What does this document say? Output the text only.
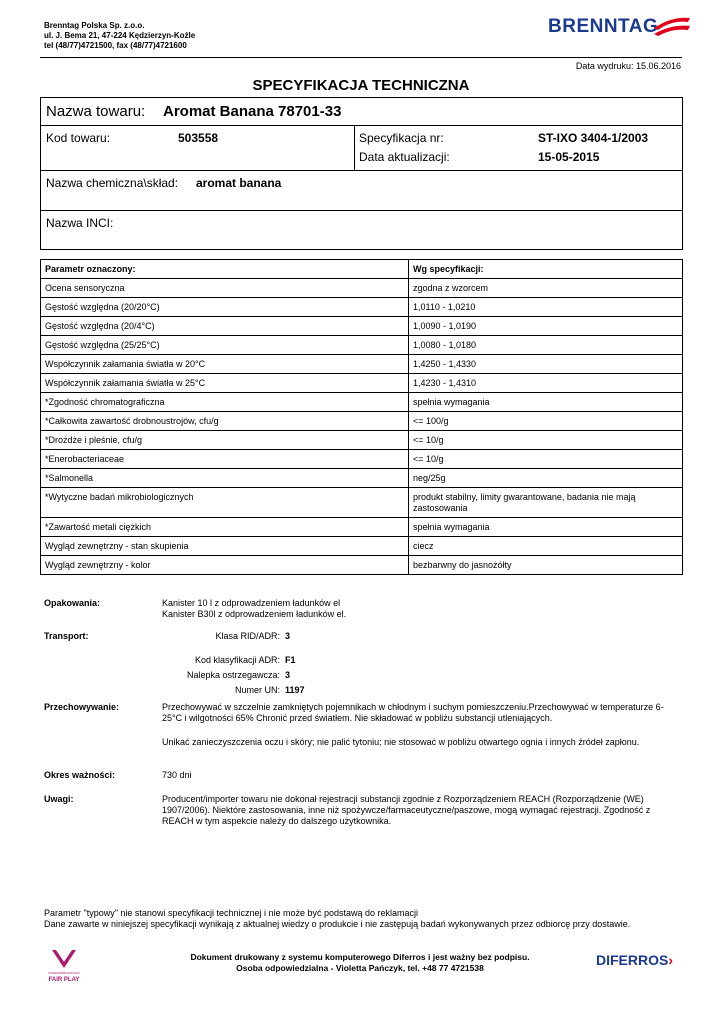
Brenntag Polska Sp. z.o.o.
ul. J. Bema 21, 47-224 Kędzierzyn-Koźle
tel (48/77)4721500, fax (48/77)4721600
BRENNTAG
Data wydruku: 15.06.2016
SPECYFIKACJA TECHNICZNA
Nazwa towaru: Aromat Banana 78701-33
Kod towaru:	503558	Specyfikacja nr:	ST-IXO 3404-1/2003
Data aktualizacji:	15-05-2015
Nazwa chemiczna\skład: aromat banana
Nazwa INCI:
Parametr oznaczony:	Wg specyfikacji:
Ocena sensoryczna	zgodna z wzorcem
Gęstość względna (20/20°C)	1,0110 - 1,0210
Gęstość względna (20/4°C)	1,0090 - 1,0190
Gęstość względna (25/25°C)	1,0080 - 1,0180
Współczynnik załamania światła w 20°C	1,4250 - 1,4330
Współczynnik załamania światła w 25°C	1,4230 - 1,4310
*Zgodność chromatograficzna	spełnia wymagania
*Całkowita zawartość drobnoustrojów, cfu/g	<= 100/g
*Drożdże i pleśnie, cfu/g	<= 10/g
*Enerobacteriaceae	<= 10/g
*Salmonella	neg/25g
*Wytyczne badań mikrobiologicznych	produkt stabilny, limity gwarantowane, badania nie mają zastosowania
*Zawartość metali ciężkich	spełnia wymagania
Wygląd zewnętrzny - stan skupienia	ciecz
Wygląd zewnętrzny - kolor	bezbarwny do jasnożółty
Opakowania:	Kanister 10 l z odprowadzeniem ładunków el
Kanister B30l z odprowadzeniem ładunków el.
Transport:	Klasa RID/ADR: 3
Kod klasyfikacji ADR: F1
Nalepka ostrzegawcza: 3
Numer UN: 1197
Przechowywanie:	Przechowywać w szczelnie zamkniętych pojemnikach w chłodnym i suchym pomieszczeniu.Przechowywać w temperaturze 6-25°C i wilgotności 65% Chronić przed światłem. Nie składować w pobliżu substancji utleniających.
Unikać zanieczyszczenia oczu i skóry; nie palić tytoniu; nie stosować w pobliżu otwartego ognia i innych źródeł zapłonu.
Okres ważności:	730 dni
Uwagi:	Producent/importer towaru nie dokonał rejestracji substancji zgodnie z Rozporządzeniem REACH (Rozporządzenie (WE) 1907/2006). Niektóre zastosowania, inne niż spożywcze/farmaceutyczne/paszowe, mogą wymagać rejestracji. Zgodność z REACH w tym aspekcie należy do dalszego użytkownika.
Parametr "typowy" nie stanowi specyfikacji technicznej i nie może być podstawą do reklamacji
Dane zawarte w niniejszej specyfikacji wynikają z aktualnej wiedzy o produkcie i nie zastępują badań wykonywanych przez odbiorcę przy dostawie.
PRZEDSIĘBIORSTWO
FAIR PLAY
Dokument drukowany z systemu komputerowego Diferros i jest ważny bez podpisu.
Osoba odpowiedzialna - Violetta Pańczyk, tel. +48 77 4721538	DIFERROS›
